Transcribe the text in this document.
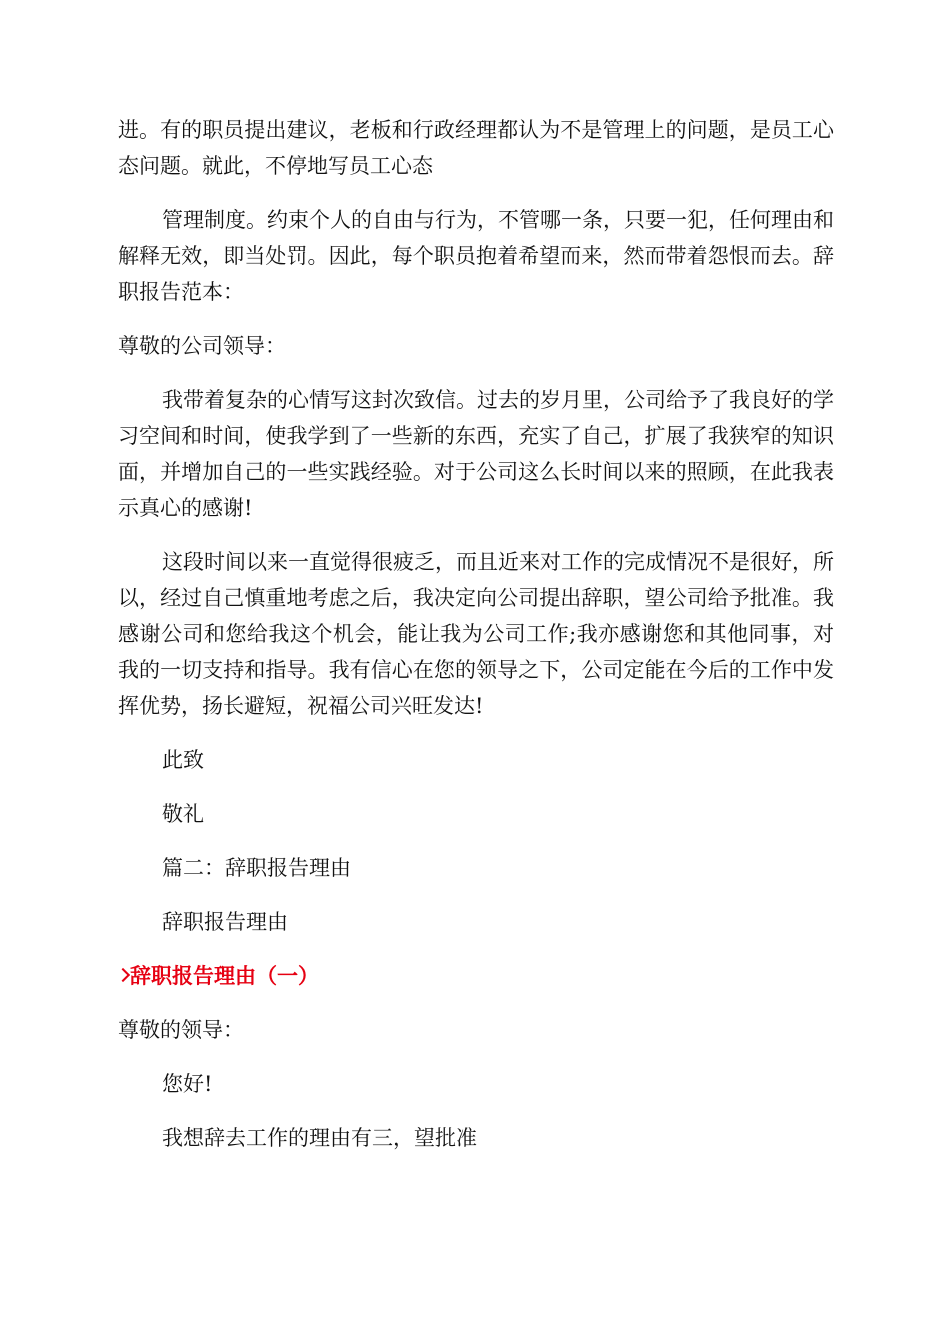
进。有的职员提出建议，老板和行政经理都认为不是管理上的问题，是员工心态问题。就此，不停地写员工心态

管理制度。约束个人的自由与行为，不管哪一条，只要一犯，任何理由和解释无效，即当处罚。因此，每个职员抱着希望而来，然而带着怨恨而去。辞职报告范本：

尊敬的公司领导：

我带着复杂的心情写这封次致信。过去的岁月里，公司给予了我良好的学习空间和时间，使我学到了一些新的东西，充实了自己，扩展了我狭窄的知识面，并增加自己的一些实践经验。对于公司这么长时间以来的照顾，在此我表示真心的感谢!

这段时间以来一直觉得很疲乏，而且近来对工作的完成情况不是很好，所以，经过自己慎重地考虑之后，我决定向公司提出辞职，望公司给予批准。我感谢公司和您给我这个机会，能让我为公司工作;我亦感谢您和其他同事，对我的一切支持和指导。我有信心在您的领导之下，公司定能在今后的工作中发挥优势，扬长避短，祝福公司兴旺发达!

此致

敬礼

篇二：辞职报告理由

辞职报告理由

辞职报告理由（一）

尊敬的领导：

您好!

我想辞去工作的理由有三，望批准
